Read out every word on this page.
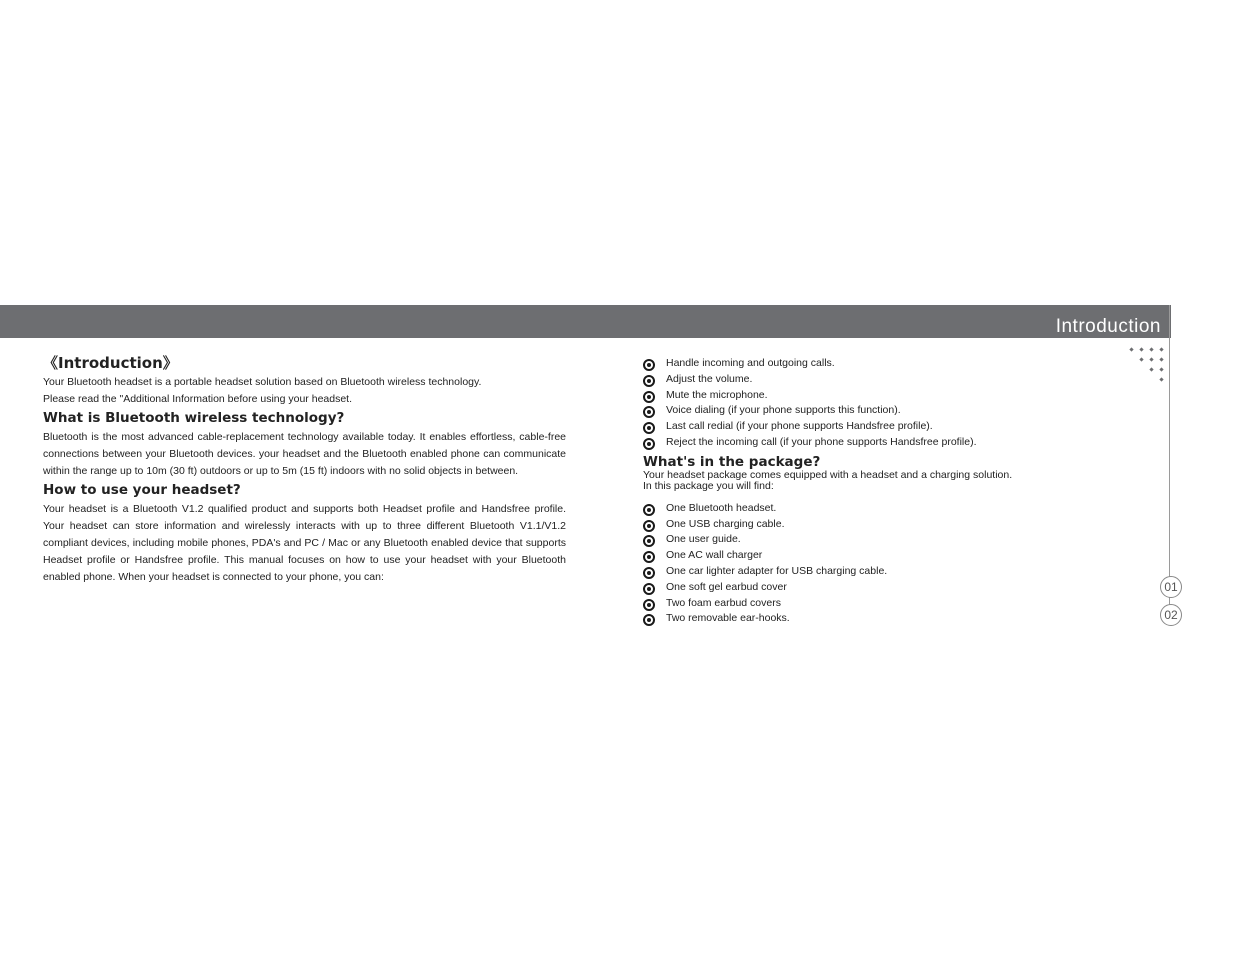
Introduction
01
02
《Introduction》

Your Bluetooth headset is a portable headset solution based on Bluetooth wireless technology.

Please read the "Additional Information before using your headset.

What is Bluetooth wireless technology?

Bluetooth is the most advanced cable-replacement technology available today. It enables effortless, cable-free connections between your Bluetooth devices. your headset and the Bluetooth enabled phone can communicate within the range up to 10m (30 ft) outdoors or up to 5m (15 ft) indoors with no solid objects in between.

How to use your headset?

Your headset is a Bluetooth V1.2 qualified product and supports both Headset profile and Handsfree profile. Your headset can store information and wirelessly interacts with up to three different Bluetooth V1.1/V1.2 compliant devices, including mobile phones, PDA's and PC / Mac or any Bluetooth enabled device that supports Headset profile or Handsfree profile. This manual focuses on how to use your headset with your Bluetooth enabled phone. When your headset is connected to your phone, you can:

Handle incoming and outgoing calls.
Adjust the volume.
Mute the microphone.
Voice dialing (if your phone supports this function).
Last call redial (if your phone supports Handsfree profile).
Reject the incoming call (if your phone supports Handsfree profile).
What's in the package?

Your headset package comes equipped with a headset and a charging solution.

In this package you will find:

One Bluetooth headset.
One USB charging cable.
One user guide.
One AC wall charger
One car lighter adapter for USB charging cable.
One soft gel earbud cover
Two foam earbud covers
Two removable ear-hooks.
